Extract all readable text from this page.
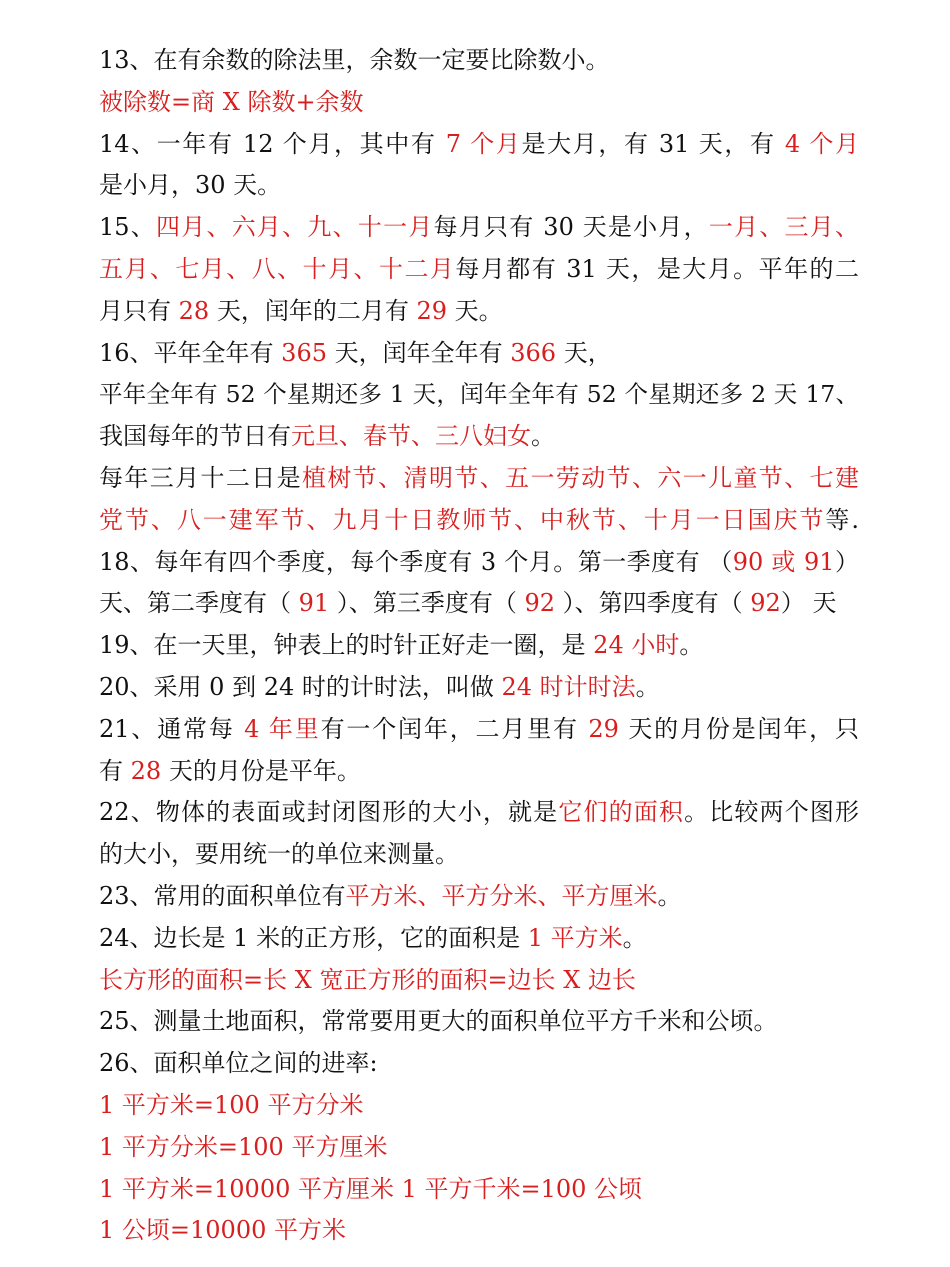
13、在有余数的除法里，余数一定要比除数小。
被除数=商 X 除数+余数
14、一年有 12 个月，其中有 7 个月是大月，有 31 天，有 4 个月
是小月，30 天。
15、四月、六月、九、十一月每月只有 30 天是小月，一月、三月、
五月、七月、八、十月、十二月每月都有 31 天，是大月。平年的二
月只有 28 天，闰年的二月有 29 天。
16、平年全年有 365 天，闰年全年有 366 天，
平年全年有 52 个星期还多 1 天，闰年全年有 52 个星期还多 2 天 17、
我国每年的节日有元旦、春节、三八妇女。
每年三月十二日是植树节、清明节、五一劳动节、六一儿童节、七建
党节、八一建军节、九月十日教师节、中秋节、十月一日国庆节等.
18、每年有四个季度，每个季度有 3 个月。第一季度有 （90 或 91）
天、第二季度有（ 91 ）、第三季度有（ 92 ）、第四季度有（ 92） 天
19、在一天里，钟表上的时针正好走一圈，是 24 小时。
20、采用 0 到 24 时的计时法，叫做 24 时计时法。
21、通常每 4 年里有一个闰年，二月里有 29 天的月份是闰年，只
有 28 天的月份是平年。
22、物体的表面或封闭图形的大小，就是它们的面积。比较两个图形
的大小，要用统一的单位来测量。
23、常用的面积单位有平方米、平方分米、平方厘米。
24、边长是 1 米的正方形，它的面积是 1 平方米。
长方形的面积=长 X 宽正方形的面积=边长 X 边长
25、测量土地面积，常常要用更大的面积单位平方千米和公顷。
26、面积单位之间的进率:
1 平方米=100 平方分米
1 平方分米=100 平方厘米
1 平方米=10000 平方厘米 1 平方千米=100 公顷
1 公顷=10000 平方米
